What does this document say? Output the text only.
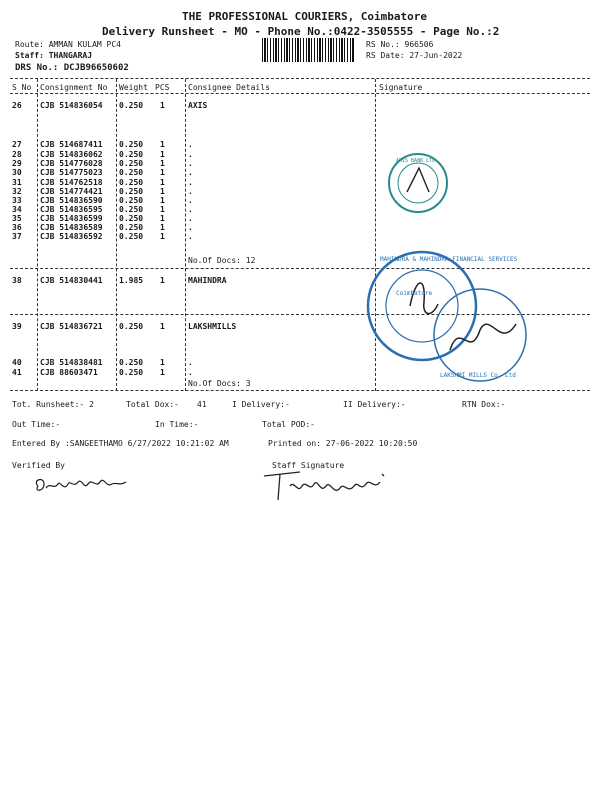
THE PROFESSIONAL COURIERS, Coimbatore
Delivery Runsheet - MO - Phone No.:0422-3505555 - Page No.:2
Route: AMMAN KULAM PC4
Staff: THANGARAJ
DRS No.: DCJB96650602
RS No.: 966506
RS Date: 27-Jun-2022
S No Consignment No Weight PCS Consignee Details	Signature
26 CJB 514836054 0.250 1	AXIS
27 CJB 514687411 0.250 1	.
28 CJB 514836062 0.250 1	.
29 CJB 514776028 0.250 1	.
30 CJB 514775023 0.250 1	.
31 CJB 514762518 0.250 1	.
32 CJB 514774421 0.250 1	.
33 CJB 514836590 0.250 1	.
34 CJB 514836595 0.250 1	.
35 CJB 514836599 0.250 1	.
36 CJB 514836589 0.250 1	.
37 CJB 514836592 0.250 1	.
38 CJB 514830441 1.985 1	MAHINDRA
39 CJB 514836721 0.250 1	LAKSHMILLS
40 CJB 514838481 0.250 1	.
41 CJB 88603471	0.250 1	.
No.Of Docs: 12
No.Of Docs: 3
Tot. Runsheet:- 2	Total Dox:- 41	I Delivery:-	II Delivery:-	RTN Dox:-
Out Time:-	In Time:-	Total POD:-
Entered By :SANGEETHAMO 6/27/2022 10:21:02 AM	Printed on: 27-06-2022 10:20:50
Verified By	Staff Signature
AXIS BANK LTD
MAHINDRA & MAHINDRA FINANCIAL SERVICES
Coimbatore
LAKSHMI MILLS Co. Ltd
